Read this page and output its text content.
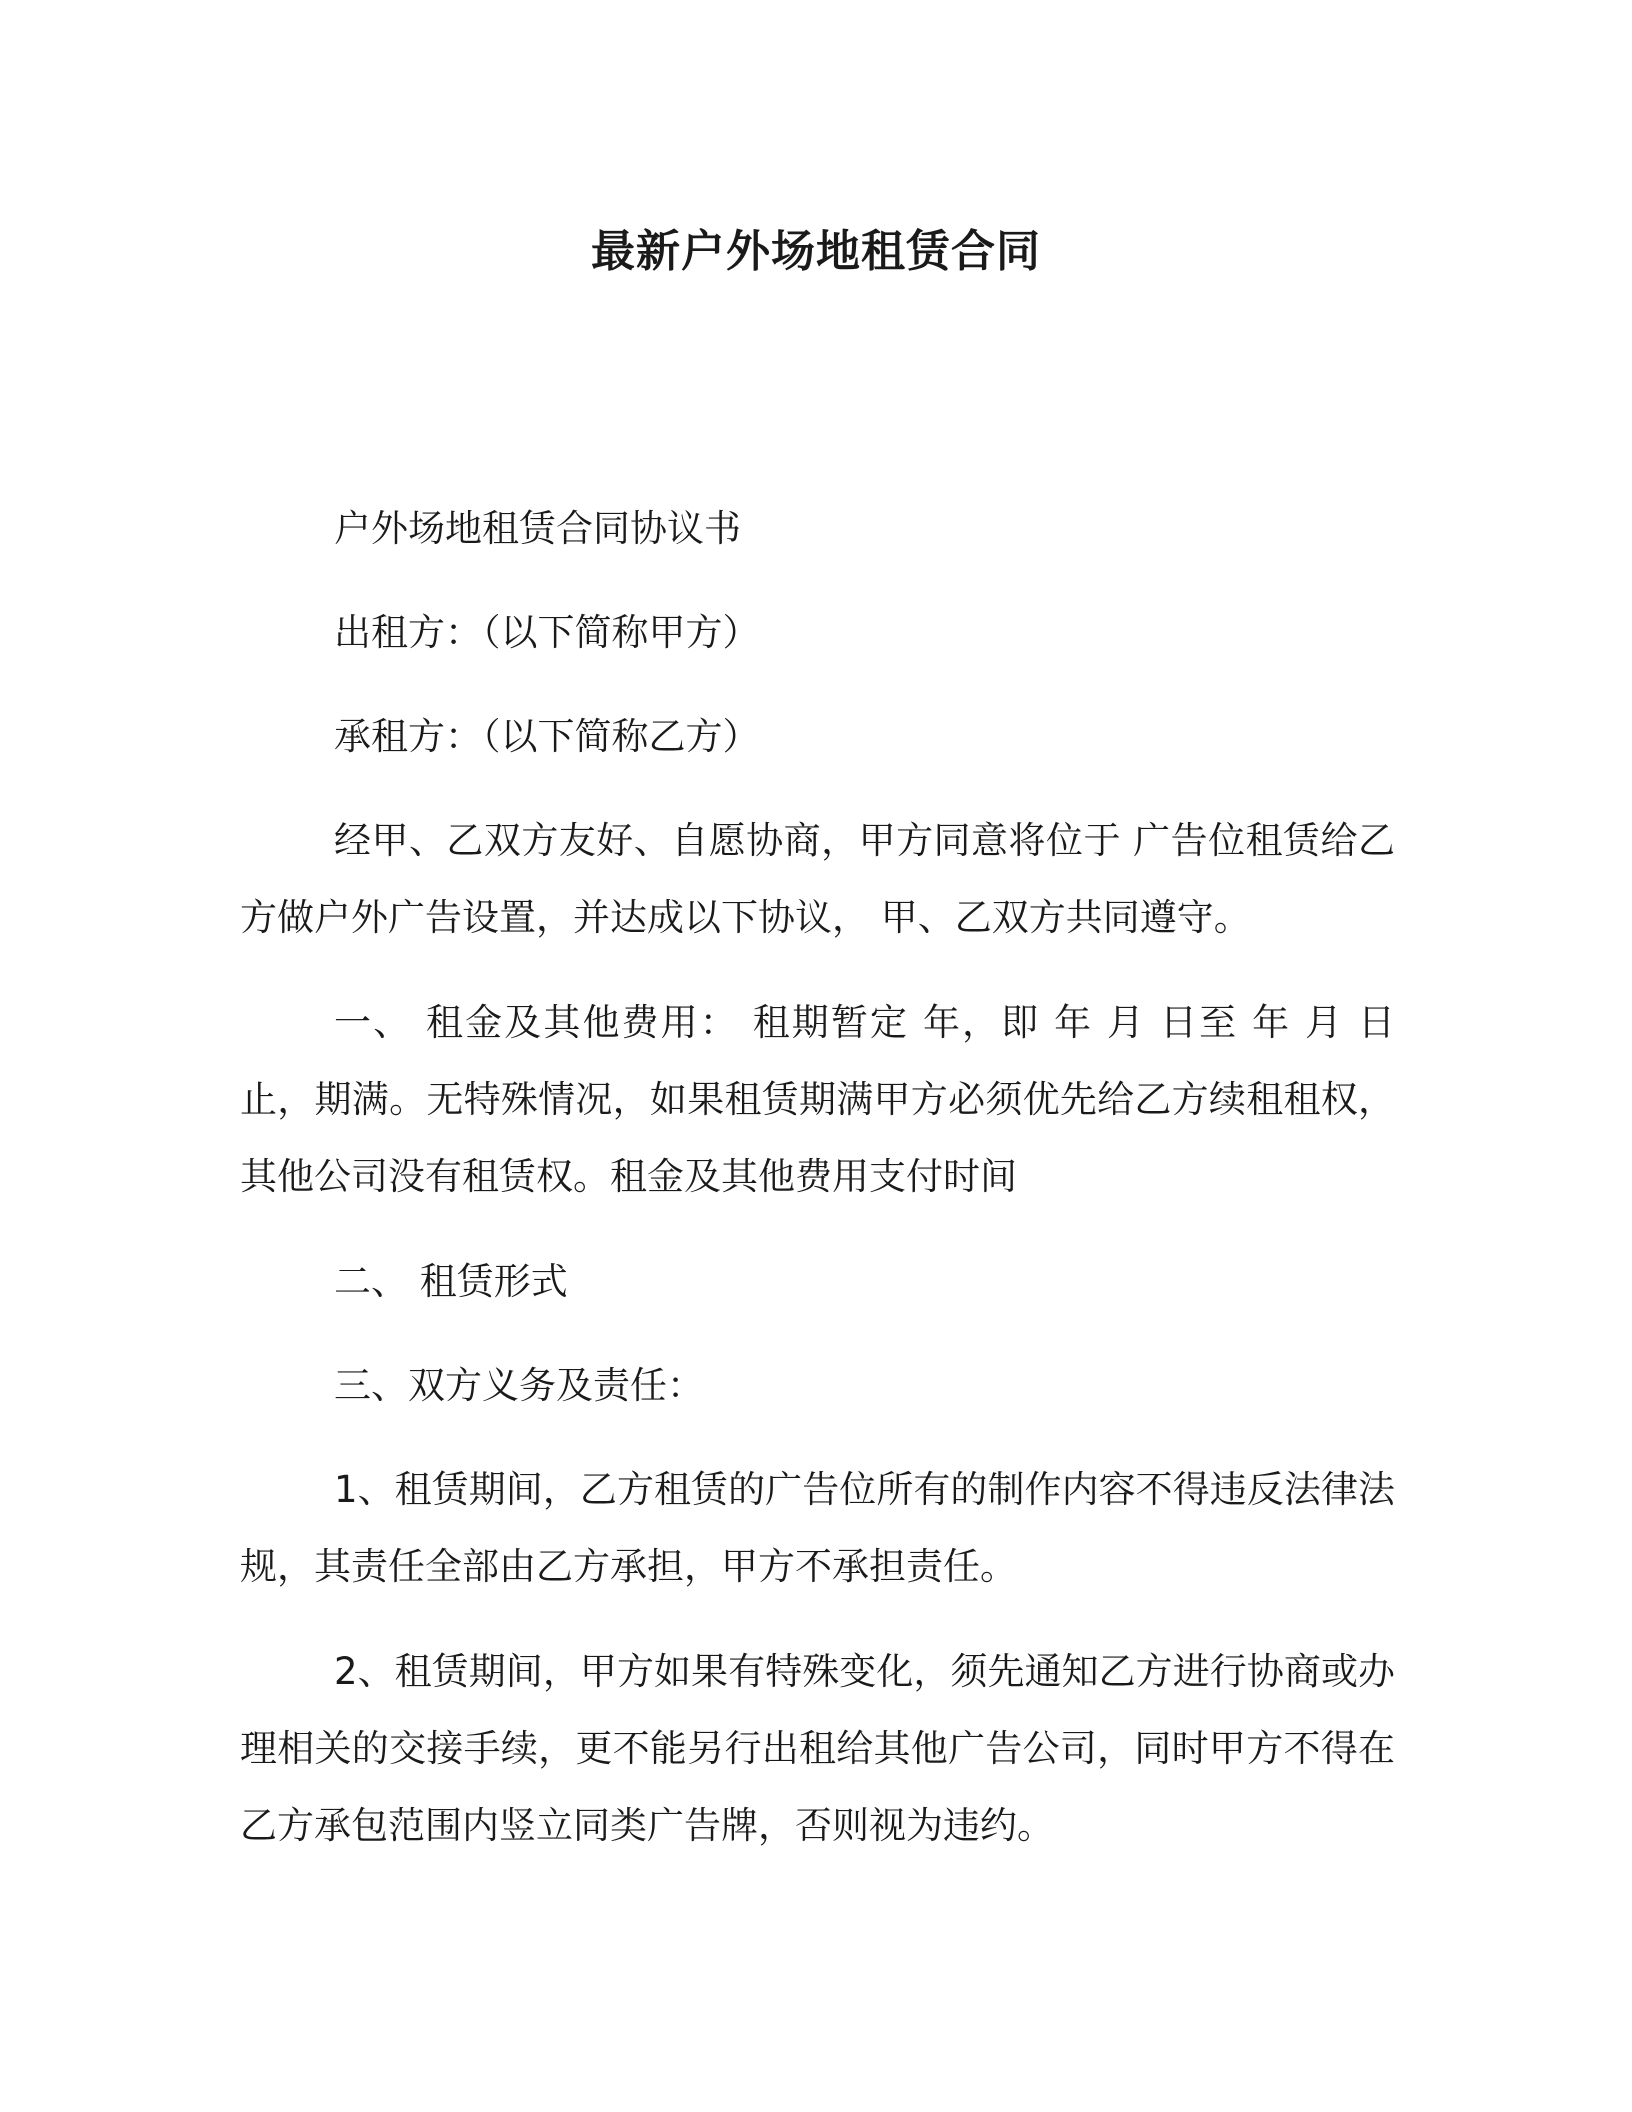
最新户外场地租赁合同

户外场地租赁合同协议书

出租方：（以下简称甲方）

承租方：（以下简称乙方）

经甲、乙双方友好、自愿协商，甲方同意将位于 广告位租赁给乙方做户外广告设置，并达成以下协议， 甲、乙双方共同遵守。

一、 租金及其他费用： 租期暂定 年，即 年 月 日至 年 月 日止，期满。无特殊情况，如果租赁期满甲方必须优先给乙方续租租权，其他公司没有租赁权。租金及其他费用支付时间

二、 租赁形式

三、双方义务及责任：

1、租赁期间，乙方租赁的广告位所有的制作内容不得违反法律法规，其责任全部由乙方承担，甲方不承担责任。

2、租赁期间，甲方如果有特殊变化，须先通知乙方进行协商或办理相关的交接手续，更不能另行出租给其他广告公司，同时甲方不得在乙方承包范围内竖立同类广告牌，否则视为违约。
